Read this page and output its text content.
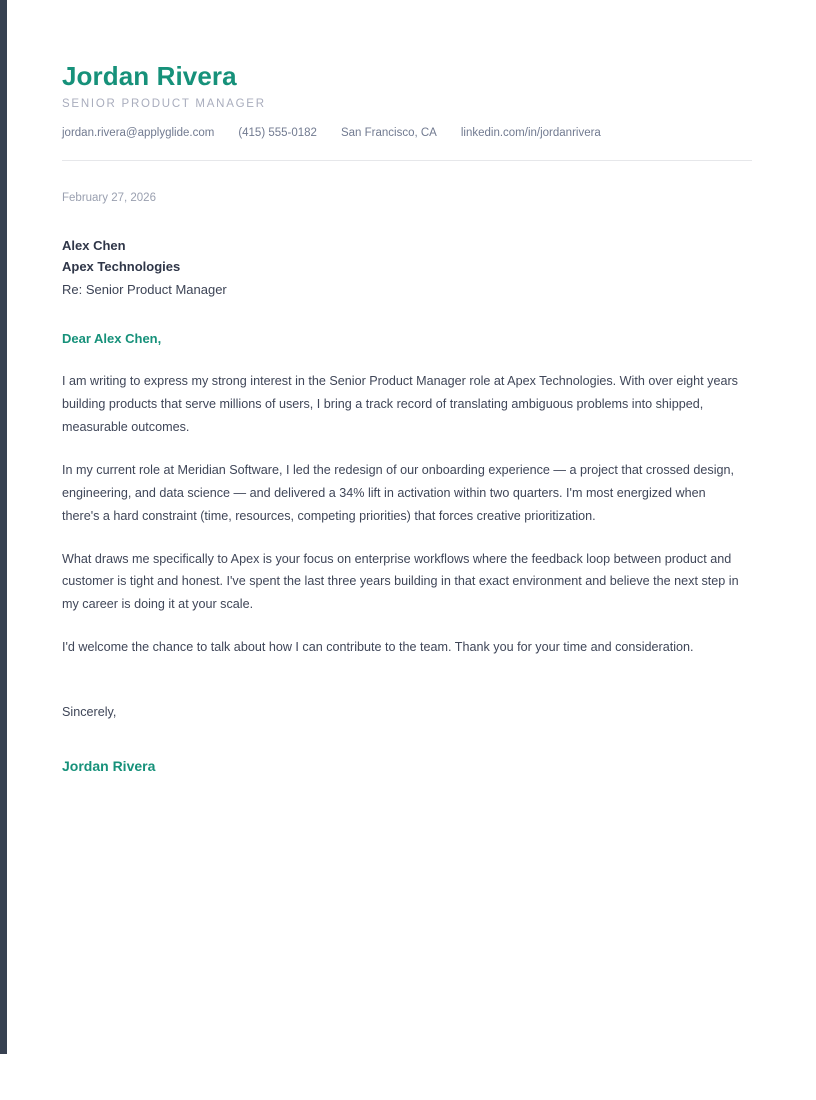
Jordan Rivera
SENIOR PRODUCT MANAGER
jordan.rivera@applyglide.com (415) 555-0182 San Francisco, CA linkedin.com/in/jordanrivera
February 27, 2026
Alex Chen
Apex Technologies
Re: Senior Product Manager
Dear Alex Chen,

I am writing to express my strong interest in the Senior Product Manager role at Apex Technologies. With over eight years building products that serve millions of users, I bring a track record of translating ambiguous problems into shipped, measurable outcomes.

In my current role at Meridian Software, I led the redesign of our onboarding experience — a project that crossed design, engineering, and data science — and delivered a 34% lift in activation within two quarters. I'm most energized when there's a hard constraint (time, resources, competing priorities) that forces creative prioritization.

What draws me specifically to Apex is your focus on enterprise workflows where the feedback loop between product and customer is tight and honest. I've spent the last three years building in that exact environment and believe the next step in my career is doing it at your scale.

I'd welcome the chance to talk about how I can contribute to the team. Thank you for your time and consideration.

Sincerely,
Jordan Rivera
